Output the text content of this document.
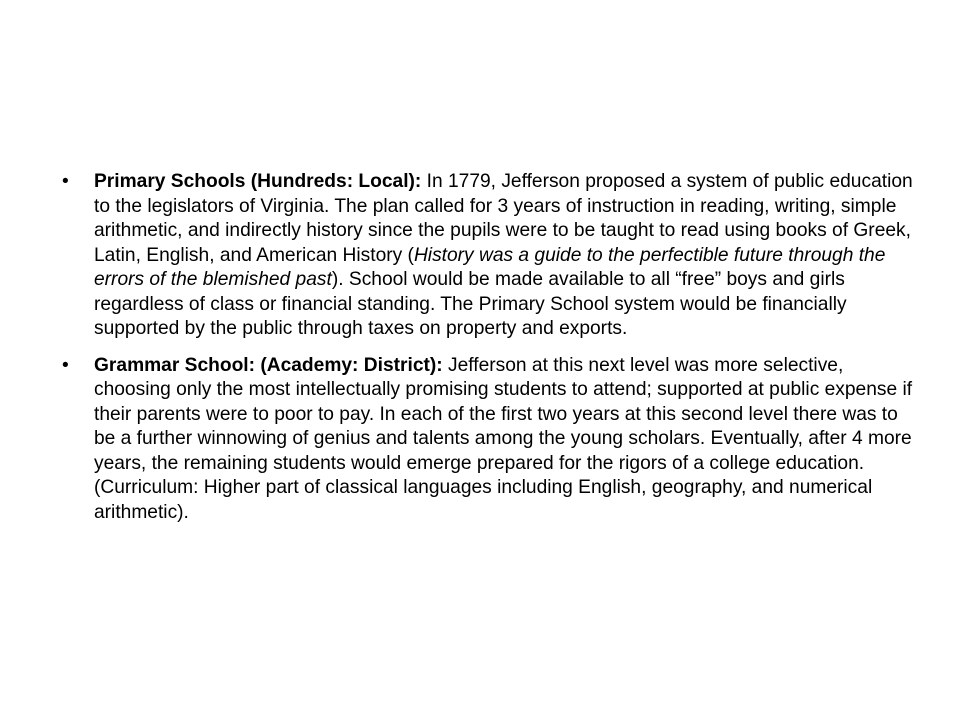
• Primary Schools (Hundreds: Local): In 1779, Jefferson proposed a system of public education to the legislators of Virginia. The plan called for 3 years of instruction in reading, writing, simple arithmetic, and indirectly history since the pupils were to be taught to read using books of Greek, Latin, English, and American History (History was a guide to the perfectible future through the errors of the blemished past). School would be made available to all “free” boys and girls regardless of class or financial standing. The Primary School system would be financially supported by the public through taxes on property and exports.
• Grammar School: (Academy: District): Jefferson at this next level was more selective, choosing only the most intellectually promising students to attend; supported at public expense if their parents were to poor to pay. In each of the first two years at this second level there was to be a further winnowing of genius and talents among the young scholars. Eventually, after 4 more years, the remaining students would emerge prepared for the rigors of a college education. (Curriculum: Higher part of classical languages including English, geography, and numerical arithmetic).
